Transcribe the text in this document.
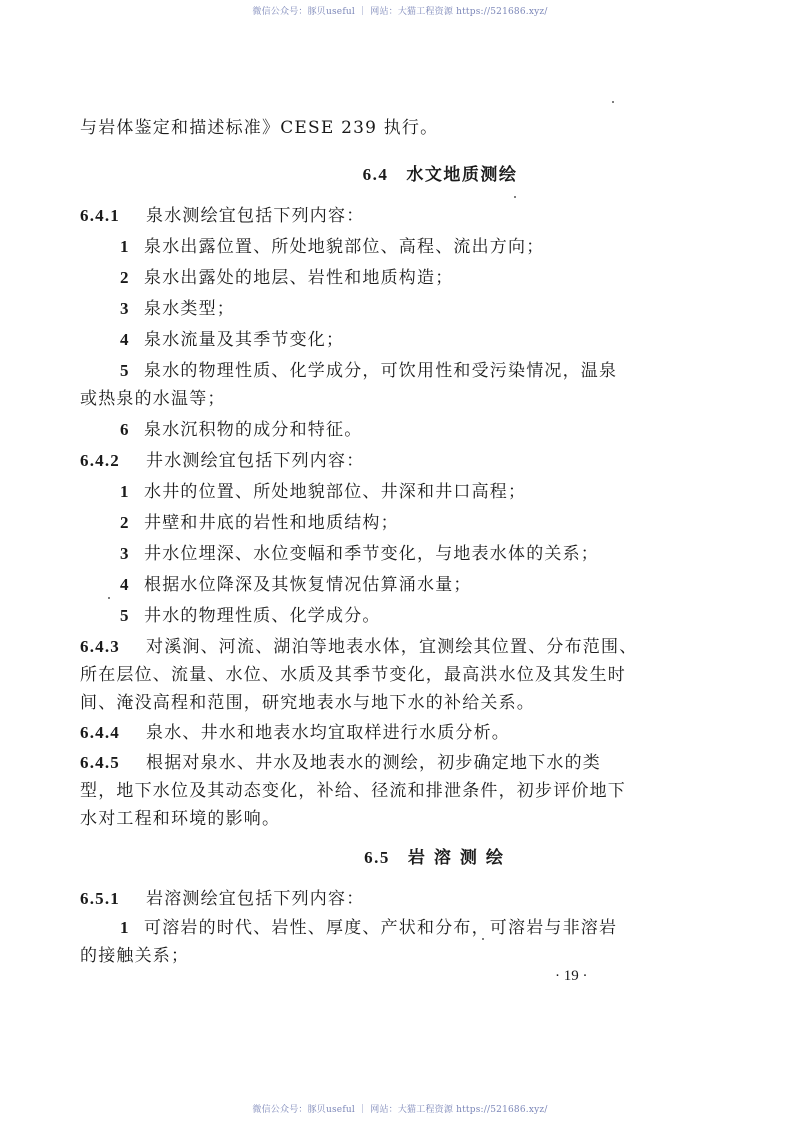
微信公众号：豚贝useful ｜ 网站：大猫工程资源 https://521686.xyz/
与岩体鉴定和描述标准》CESE 239 执行。
6.4 水文地质测绘
6.4.1 泉水测绘宜包括下列内容：
1 泉水出露位置、所处地貌部位、高程、流出方向；
2 泉水出露处的地层、岩性和地质构造；
3 泉水类型；
4 泉水流量及其季节变化；
5 泉水的物理性质、化学成分，可饮用性和受污染情况，温泉
或热泉的水温等；
6 泉水沉积物的成分和特征。
6.4.2 井水测绘宜包括下列内容：
1 水井的位置、所处地貌部位、井深和井口高程；
2 井壁和井底的岩性和地质结构；
3 井水位埋深、水位变幅和季节变化，与地表水体的关系；
4 根据水位降深及其恢复情况估算涌水量；
5 井水的物理性质、化学成分。
6.4.3 对溪涧、河流、湖泊等地表水体，宜测绘其位置、分布范围、
所在层位、流量、水位、水质及其季节变化，最高洪水位及其发生时
间、淹没高程和范围，研究地表水与地下水的补给关系。
6.4.4 泉水、井水和地表水均宜取样进行水质分析。
6.4.5 根据对泉水、井水及地表水的测绘，初步确定地下水的类
型，地下水位及其动态变化，补给、径流和排泄条件，初步评价地下
水对工程和环境的影响。
6.5 岩溶测绘
6.5.1 岩溶测绘宜包括下列内容：
1 可溶岩的时代、岩性、厚度、产状和分布，可溶岩与非溶岩
的接触关系；
· 19 ·
微信公众号：豚贝useful ｜ 网站：大猫工程资源 https://521686.xyz/
